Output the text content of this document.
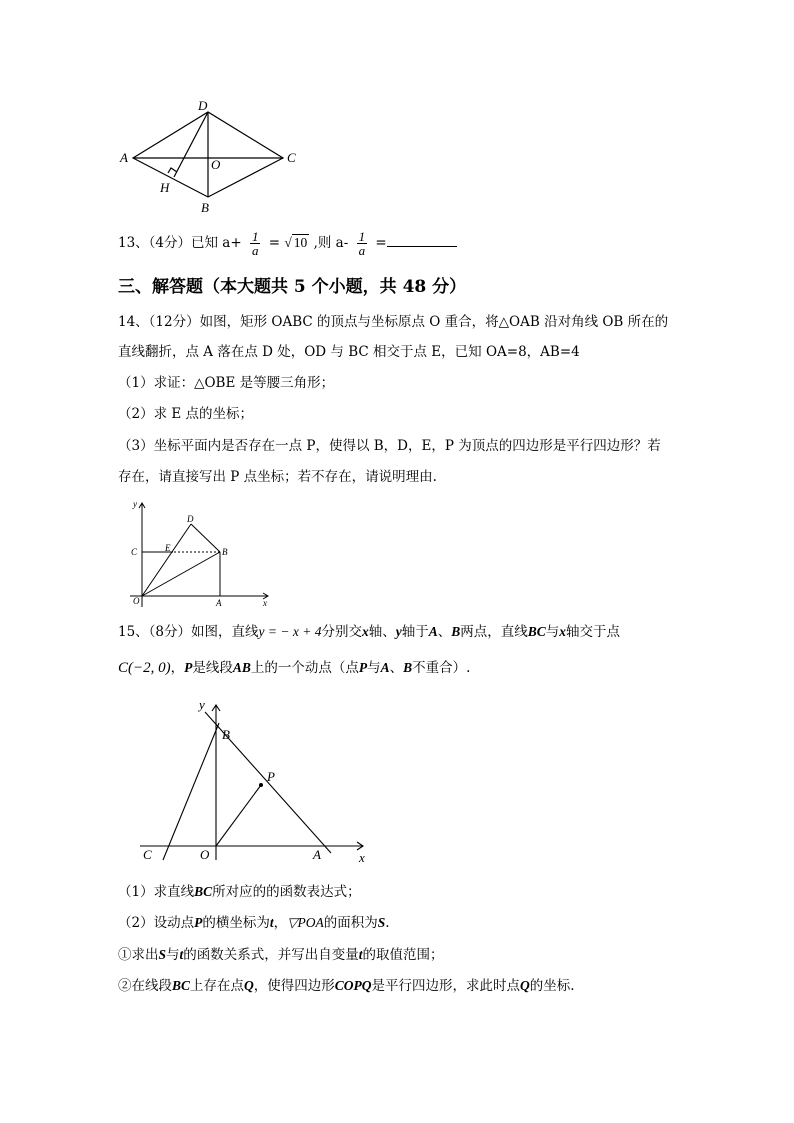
D
A	O	C
H
B
13、（4分）已知 $a+ \frac{1}{a}$ = √ 10 ,则 $a- \frac{1}{a}$ =
三、解答题（本大题共 5 个小题，共 48 分）
14、（12分）如图，矩形 OABC 的顶点与坐标原点 O 重合，将△OAB 沿对角线 OB 所在的
直线翻折，点 A 落在点 D 处，OD 与 BC 相交于点 E，已知 OA=8，AB=4
（1）求证：△OBE 是等腰三角形；
（2）求 E 点的坐标；
（3）坐标平面内是否存在一点 P，使得以 B，D，E，P 为顶点的四边形是平行四边形？若
存在，请直接写出 P 点坐标；若不存在，请说明理由.
y
D
C	E	B
O	A	x
15、（8分）如图，直线y = − x + 4分别交x轴、y轴于A、B两点，直线BC与x轴交于点
C(−2, 0)，P是线段AB上的一个动点（点P与A、B不重合）.
y
B
P
C	O	A	x
（1）求直线BC所对应的的函数表达式；
（2）设动点P的横坐标为t，▽POA的面积为S.
①求出S与t的函数关系式，并写出自变量t的取值范围；
②在线段BC上存在点Q，使得四边形COPQ是平行四边形，求此时点Q的坐标.
